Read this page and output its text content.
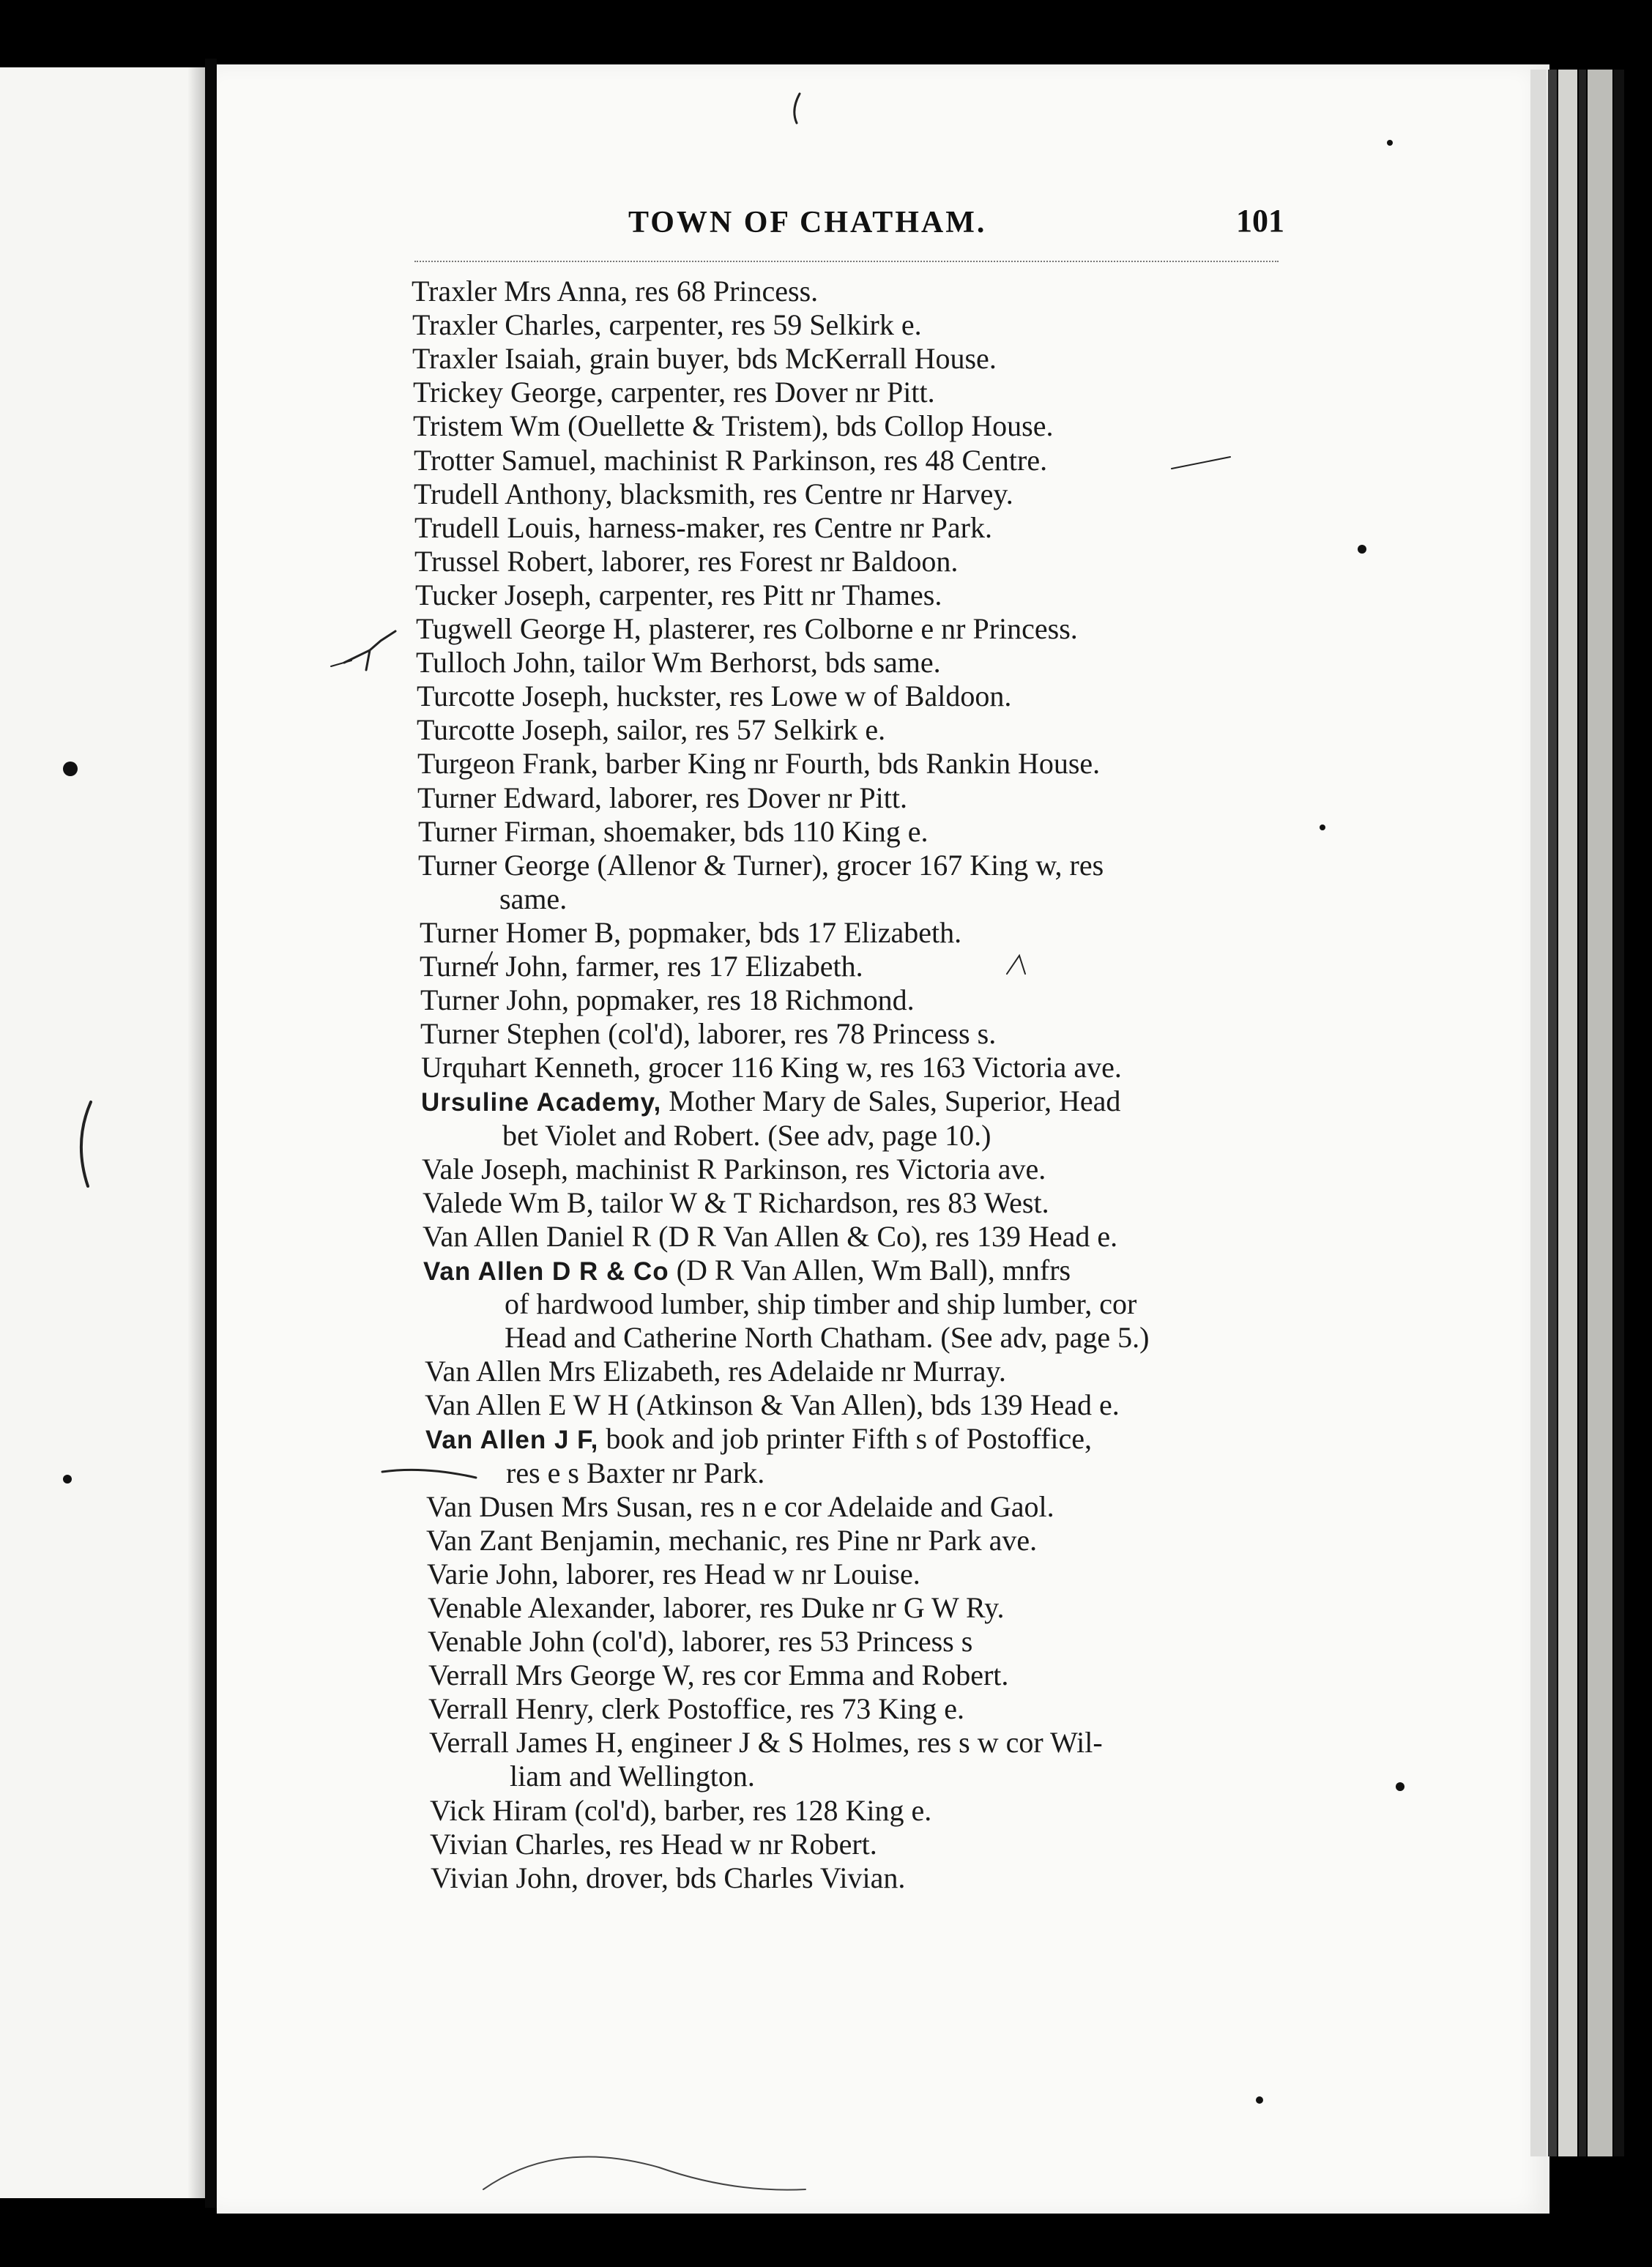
TOWN OF CHATHAM.	101
Traxler Mrs Anna, res 68 Princess.
Traxler Charles, carpenter, res 59 Selkirk e.
Traxler Isaiah, grain buyer, bds McKerrall House.
Trickey George, carpenter, res Dover nr Pitt.
Tristem Wm (Ouellette & Tristem), bds Collop House.
Trotter Samuel, machinist R Parkinson, res 48 Centre.
Trudell Anthony, blacksmith, res Centre nr Harvey.
Trudell Louis, harness-maker, res Centre nr Park.
Trussel Robert, laborer, res Forest nr Baldoon.
Tucker Joseph, carpenter, res Pitt nr Thames.
Tugwell George H, plasterer, res Colborne e nr Princess.
Tulloch John, tailor Wm Berhorst, bds same.
Turcotte Joseph, huckster, res Lowe w of Baldoon.
Turcotte Joseph, sailor, res 57 Selkirk e.
Turgeon Frank, barber King nr Fourth, bds Rankin House.
Turner Edward, laborer, res Dover nr Pitt.
Turner Firman, shoemaker, bds 110 King e.
Turner George (Allenor & Turner), grocer 167 King w, res
same.
Turner Homer B, popmaker, bds 17 Elizabeth.
Turner John, farmer, res 17 Elizabeth.
Turner John, popmaker, res 18 Richmond.
Turner Stephen (col'd), laborer, res 78 Princess s.
Urquhart Kenneth, grocer 116 King w, res 163 Victoria ave.
Ursuline Academy, Mother Mary de Sales, Superior, Head
bet Violet and Robert. (See adv, page 10.)
Vale Joseph, machinist R Parkinson, res Victoria ave.
Valede Wm B, tailor W & T Richardson, res 83 West.
Van Allen Daniel R (D R Van Allen & Co), res 139 Head e.
Van Allen D R & Co (D R Van Allen, Wm Ball), mnfrs
of hardwood lumber, ship timber and ship lumber, cor
Head and Catherine North Chatham. (See adv, page 5.)
Van Allen Mrs Elizabeth, res Adelaide nr Murray.
Van Allen E W H (Atkinson & Van Allen), bds 139 Head e.
Van Allen J F, book and job printer Fifth s of Postoffice,
res e s Baxter nr Park.
Van Dusen Mrs Susan, res n e cor Adelaide and Gaol.
Van Zant Benjamin, mechanic, res Pine nr Park ave.
Varie John, laborer, res Head w nr Louise.
Venable Alexander, laborer, res Duke nr G W Ry.
Venable John (col'd), laborer, res 53 Princess s
Verrall Mrs George W, res cor Emma and Robert.
Verrall Henry, clerk Postoffice, res 73 King e.
Verrall James H, engineer J & S Holmes, res s w cor Wil-
liam and Wellington.
Vick Hiram (col'd), barber, res 128 King e.
Vivian Charles, res Head w nr Robert.
Vivian John, drover, bds Charles Vivian.
